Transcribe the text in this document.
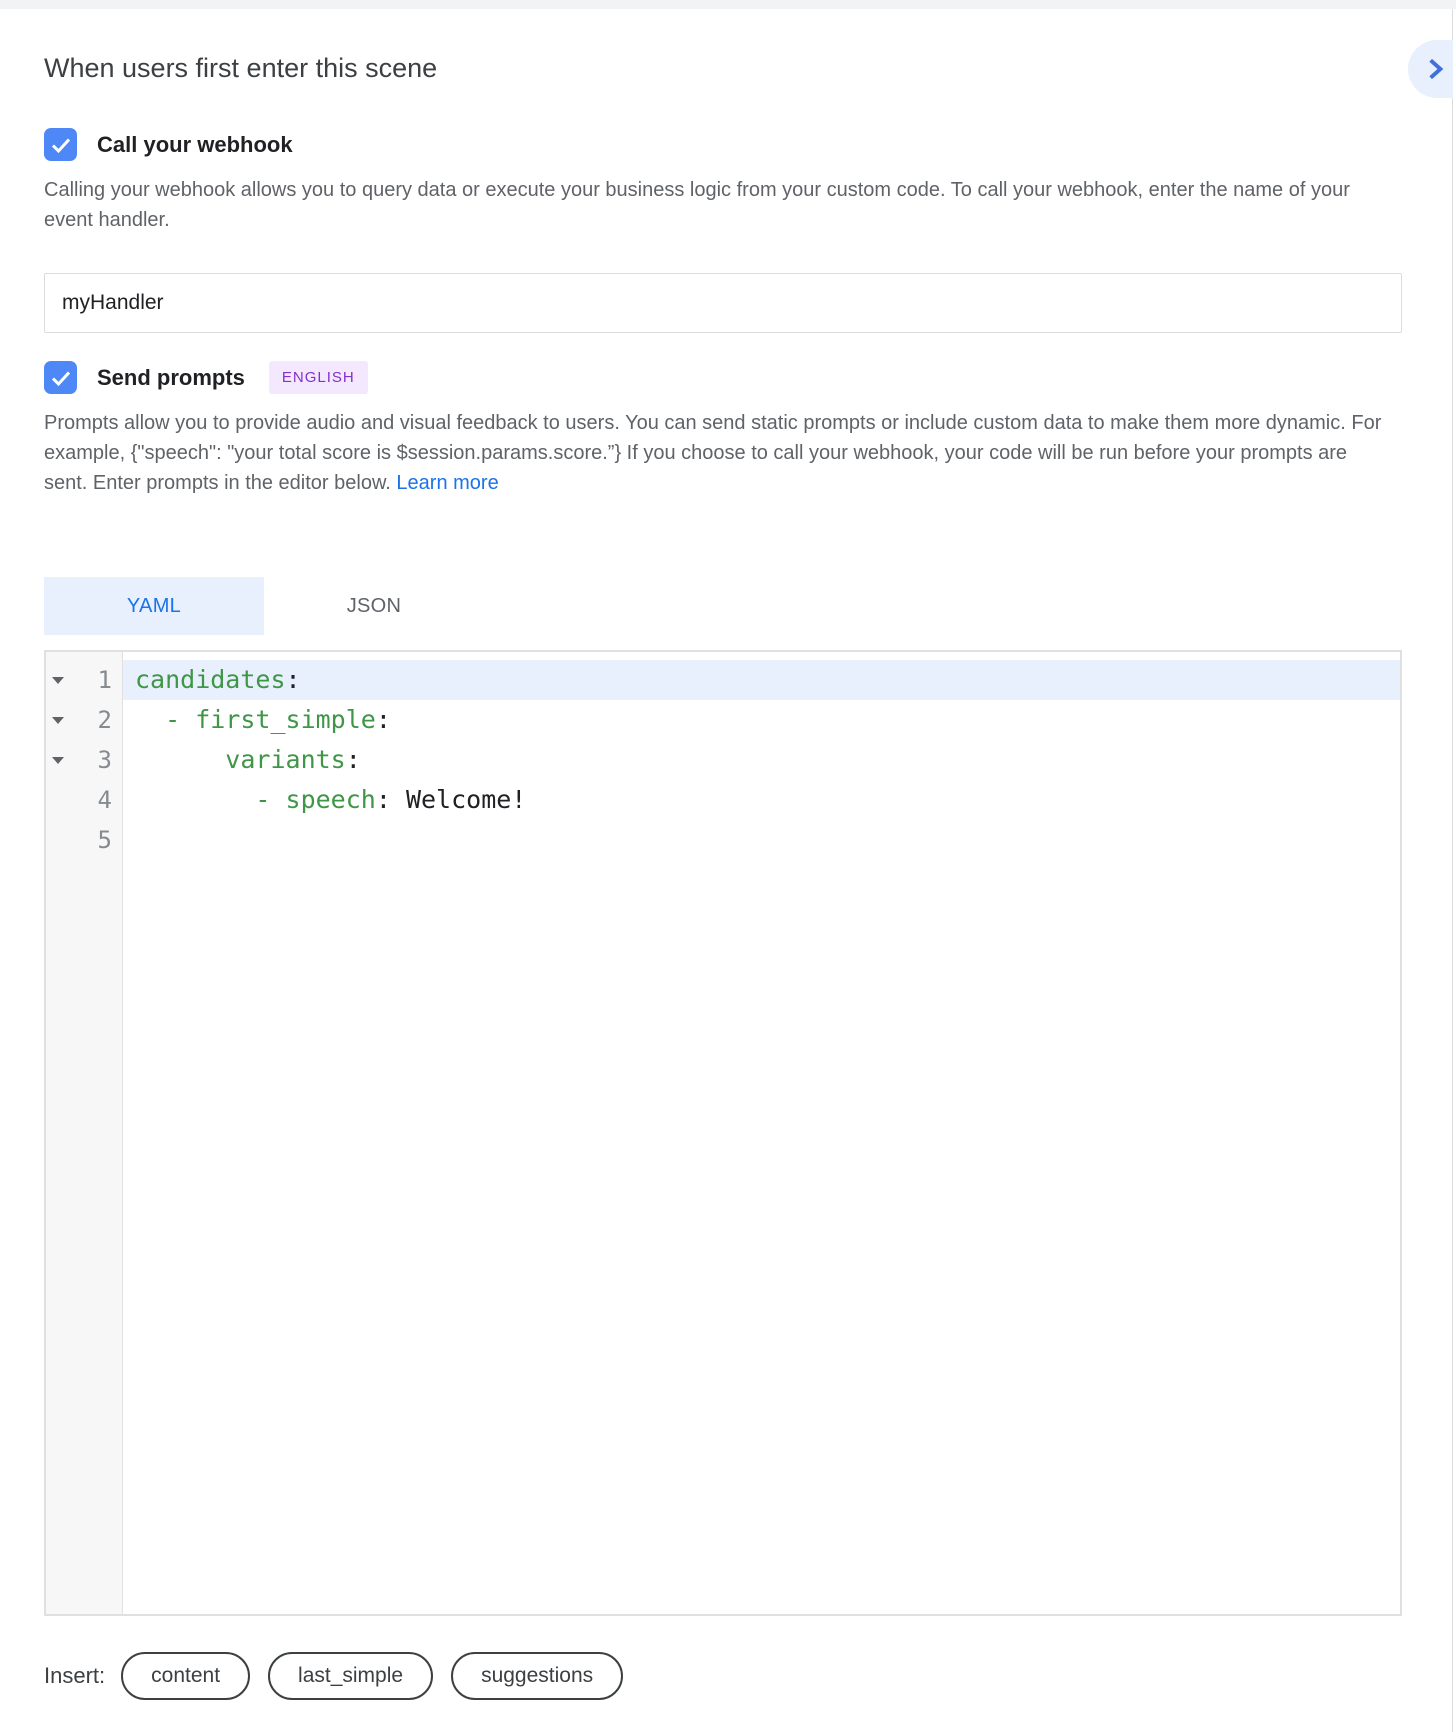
When users first enter this scene
Call your webhook
Calling your webhook allows you to query data or execute your business logic from your custom code. To call your webhook, enter the name of your event handler.
myHandler
Send prompts	ENGLISH
Prompts allow you to provide audio and visual feedback to users. You can send static prompts or include custom data to make them more dynamic. For example, {"speech": "your total score is $session.params.score.”} If you choose to call your webhook, your code will be run before your prompts are sent. Enter prompts in the editor below. Learn more
YAML	JSON
1
2
3
4
5
candidates:
- first_simple:
variants:
- speech: Welcome!
Insert:	content	last_simple	suggestions
